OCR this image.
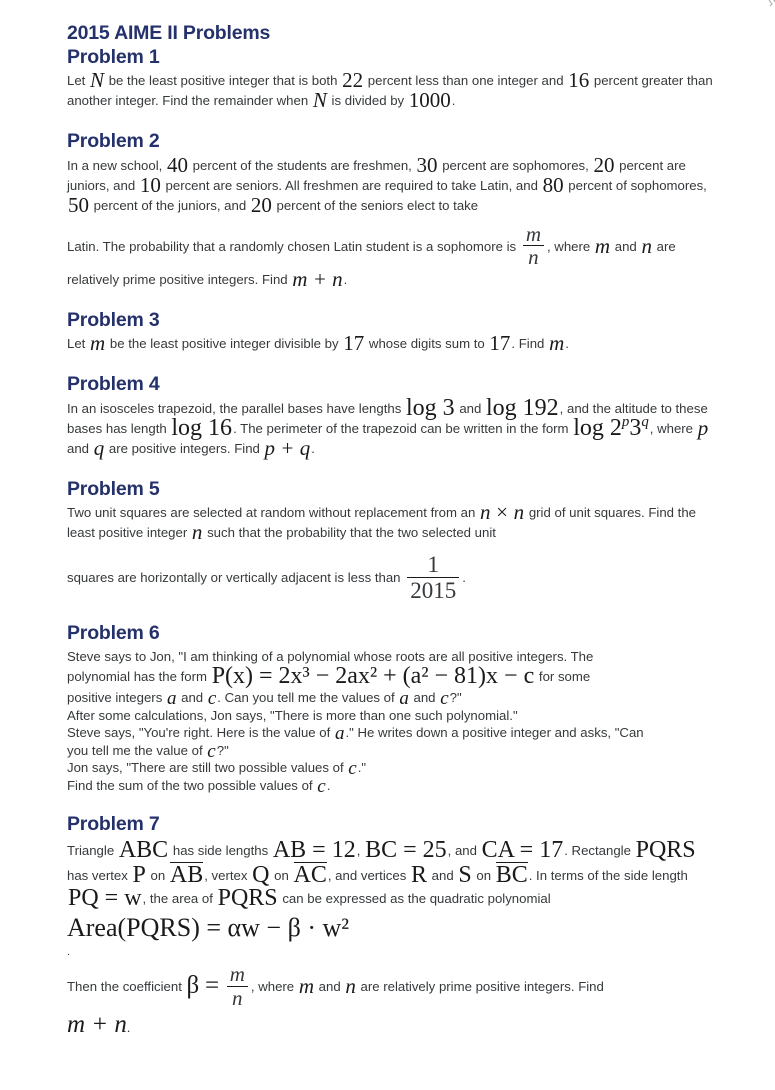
2015 AIME II Problems
Problem 1

Let N be the least positive integer that is both 22 percent less than one integer and 16 percent greater than another integer. Find the remainder when N is divided by 1000.

Problem 2

In a new school, 40 percent of the students are freshmen, 30 percent are sophomores, 20 percent are juniors, and 10 percent are seniors. All freshmen are required to take Latin, and 80 percent of sophomores, 50 percent of the juniors, and 20 percent of the seniors elect to take

Latin. The probability that a randomly chosen Latin student is a sophomore is $\frac{m}{n}$ , where m and n are relatively prime positive integers. Find m + n.

Problem 3

Let m be the least positive integer divisible by 17 whose digits sum to 17. Find m.

Problem 4

In an isosceles trapezoid, the parallel bases have lengths log 3 and log 192, and the altitude to these bases has length log 16. The perimeter of the trapezoid can be written in the form log 2$^p$3$^q$, where p and q are positive integers. Find p + q.

Problem 5

Two unit squares are selected at random without replacement from an n × n grid of unit squares. Find the least positive integer n such that the probability that the two selected unit

squares are horizontally or vertically adjacent is less than $\frac{1}{2015}$ .

Problem 6

Steve says to Jon, "I am thinking of a polynomial whose roots are all positive integers. The

polynomial has the form P(x) = 2x³ − 2ax² + (a² − 81)x − c for some

positive integers a and c. Can you tell me the values of a and c?"

After some calculations, Jon says, "There is more than one such polynomial."

Steve says, "You're right. Here is the value of a." He writes down a positive integer and asks, "Can

you tell me the value of c?"

Jon says, "There are still two possible values of c."

Find the sum of the two possible values of c.

Problem 7

Triangle ABC has side lengths AB = 12, BC = 25, and CA = 17. Rectangle PQRS has vertex P on AB, vertex Q on AC, and vertices R and S on BC. In terms of the side length PQ = w, the area of PQRS can be expressed as the quadratic polynomial

Area(PQRS) = αw − β · w²
.

Then the coefficient $\beta = \frac{m}{n}$ , where m and n are relatively prime positive integers. Find

m + n.
